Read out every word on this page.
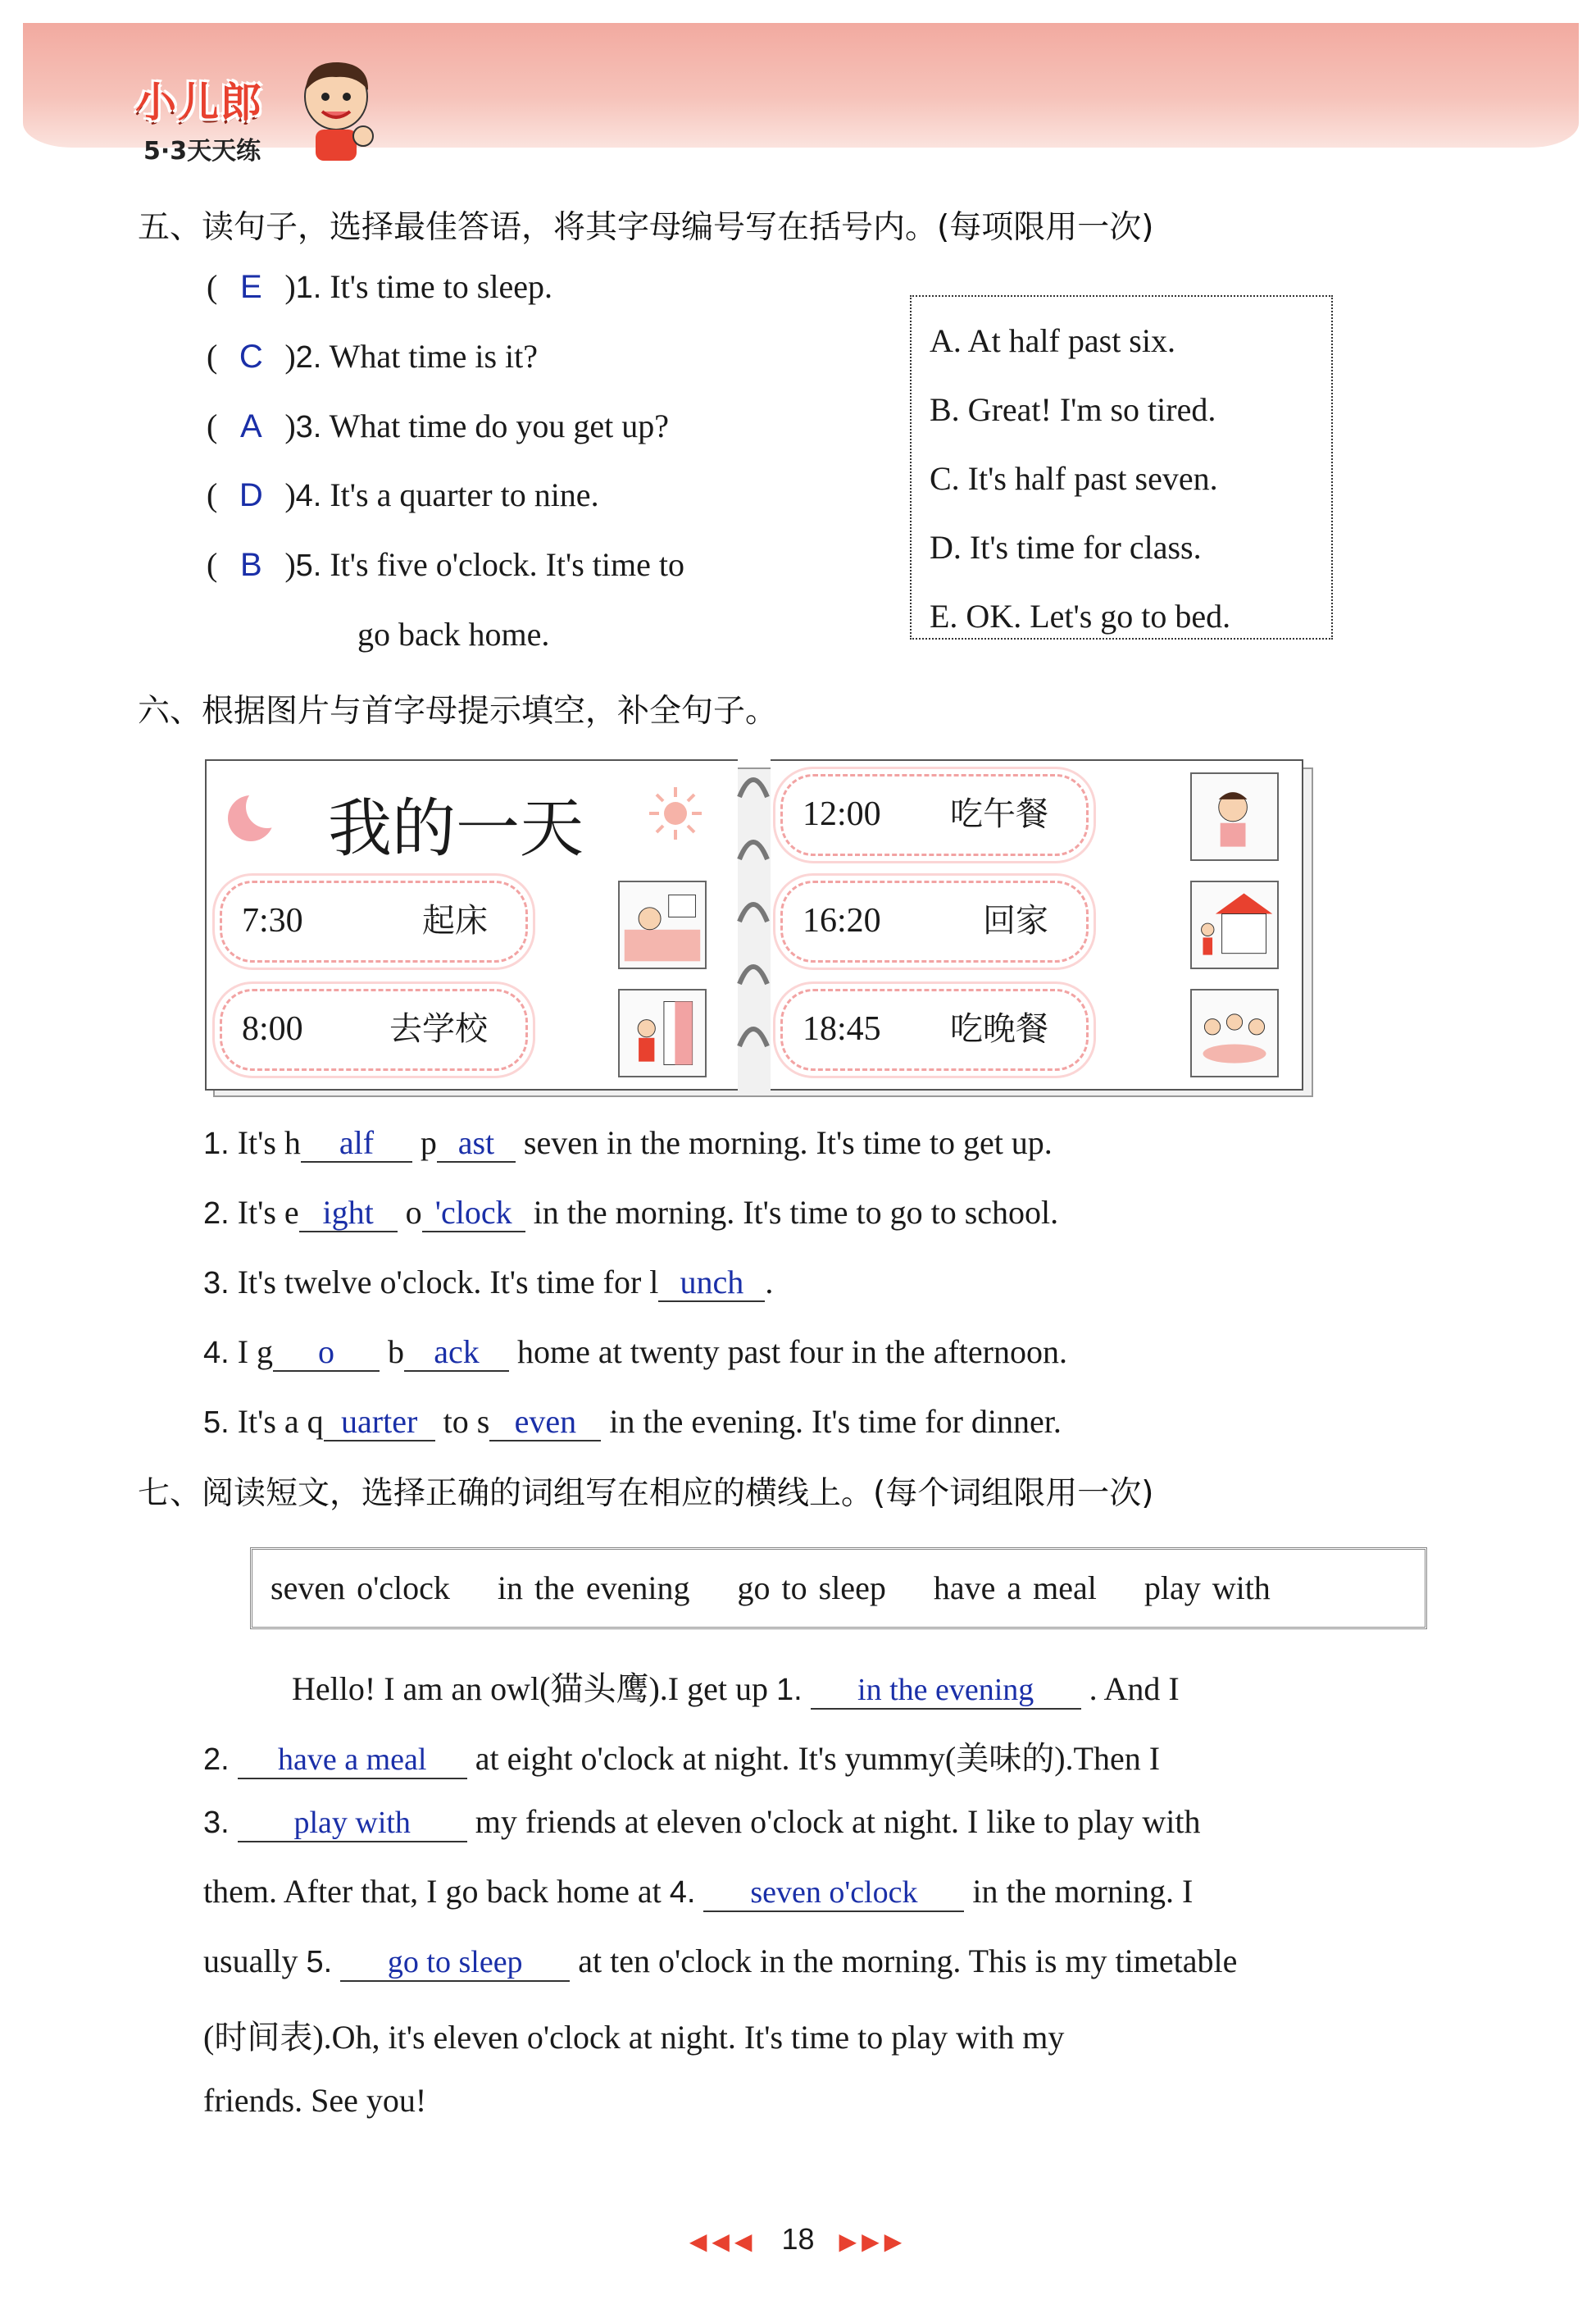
小儿郎
5·3天天练
五、读句子，选择最佳答语，将其字母编号写在括号内。(每项限用一次)
( E )1. It's time to sleep.
( C )2. What time is it?
( A )3. What time do you get up?
( D )4. It's a quarter to nine.
( B )5. It's five o'clock. It's time to
go back home.
A. At half past six.
B. Great! I'm so tired.
C. It's half past seven.
D. It's time for class.
E. OK. Let's go to bed.
六、根据图片与首字母提示填空，补全句子。
我的一天
7:30	起床
8:00	去学校
12:00 吃午餐
16:20	回家
18:45 吃晚餐
1. It's h alf p ast seven in the morning. It's time to get up.
2. It's e ight o 'clock in the morning. It's time to go to school.
3. It's twelve o'clock. It's time for l unch .
4. I g o b ack home at twenty past four in the afternoon.
5. It's a q uarter to s even in the evening. It's time for dinner.
七、阅读短文，选择正确的词组写在相应的横线上。(每个词组限用一次)
seven o'clock in the evening go to sleep have a meal play with
Hello! I am an owl(猫头鹰).I get up 1. in the evening . And I
2. have a meal at eight o'clock at night. It's yummy(美味的).Then I
3. play with my friends at eleven o'clock at night. I like to play with
them. After that, I go back home at 4. seven o'clock in the morning. I
usually 5. go to sleep at ten o'clock in the morning. This is my timetable
(时间表).Oh, it's eleven o'clock at night. It's time to play with my
friends. See you!
◀◀◀ 18 ▶▶▶
